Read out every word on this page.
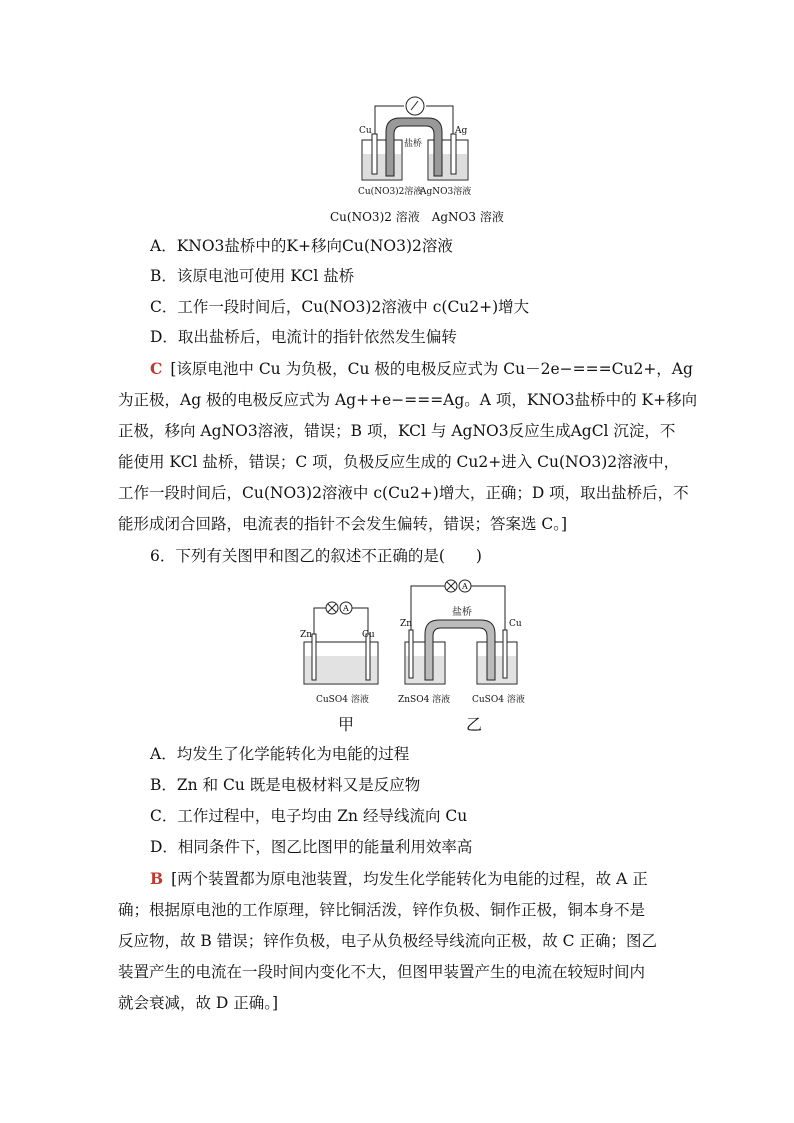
Cu	Ag
盐桥
Cu(NO3)2溶液
AgNO3溶液
Cu(NO3)2 溶液　AgNO3 溶液
A．KNO3盐桥中的K+移向Cu(NO3)2溶液
B．该原电池可使用 KCl 盐桥
C．工作一段时间后，Cu(NO3)2溶液中 c(Cu2+)增大
D．取出盐桥后，电流计的指针依然发生偏转
C [该原电池中 Cu 为负极，Cu 极的电极反应式为 Cu－2e−===Cu2+，Ag
为正极，Ag 极的电极反应式为 Ag++e−===Ag。A 项，KNO3盐桥中的 K+移向
正极，移向 AgNO3溶液，错误；B 项，KCl 与 AgNO3反应生成AgCl 沉淀，不
能使用 KCl 盐桥，错误；C 项，负极反应生成的 Cu2+进入 Cu(NO3)2溶液中，
工作一段时间后，Cu(NO3)2溶液中 c(Cu2+)增大，正确；D 项，取出盐桥后，不
能形成闭合回路，电流表的指针不会发生偏转，错误；答案选 C。]
6．下列有关图甲和图乙的叙述不正确的是(　　)
A
Zn	Cu
CuSO4 溶液
甲
A
盐桥
Zn	Cu
ZnSO4 溶液 CuSO4 溶液
乙
A．均发生了化学能转化为电能的过程
B．Zn 和 Cu 既是电极材料又是反应物
C．工作过程中，电子均由 Zn 经导线流向 Cu
D．相同条件下，图乙比图甲的能量利用效率高
B [两个装置都为原电池装置，均发生化学能转化为电能的过程，故 A 正
确；根据原电池的工作原理，锌比铜活泼，锌作负极、铜作正极，铜本身不是
反应物，故 B 错误；锌作负极，电子从负极经导线流向正极，故 C 正确；图乙
装置产生的电流在一段时间内变化不大，但图甲装置产生的电流在较短时间内
就会衰减，故 D 正确。]
